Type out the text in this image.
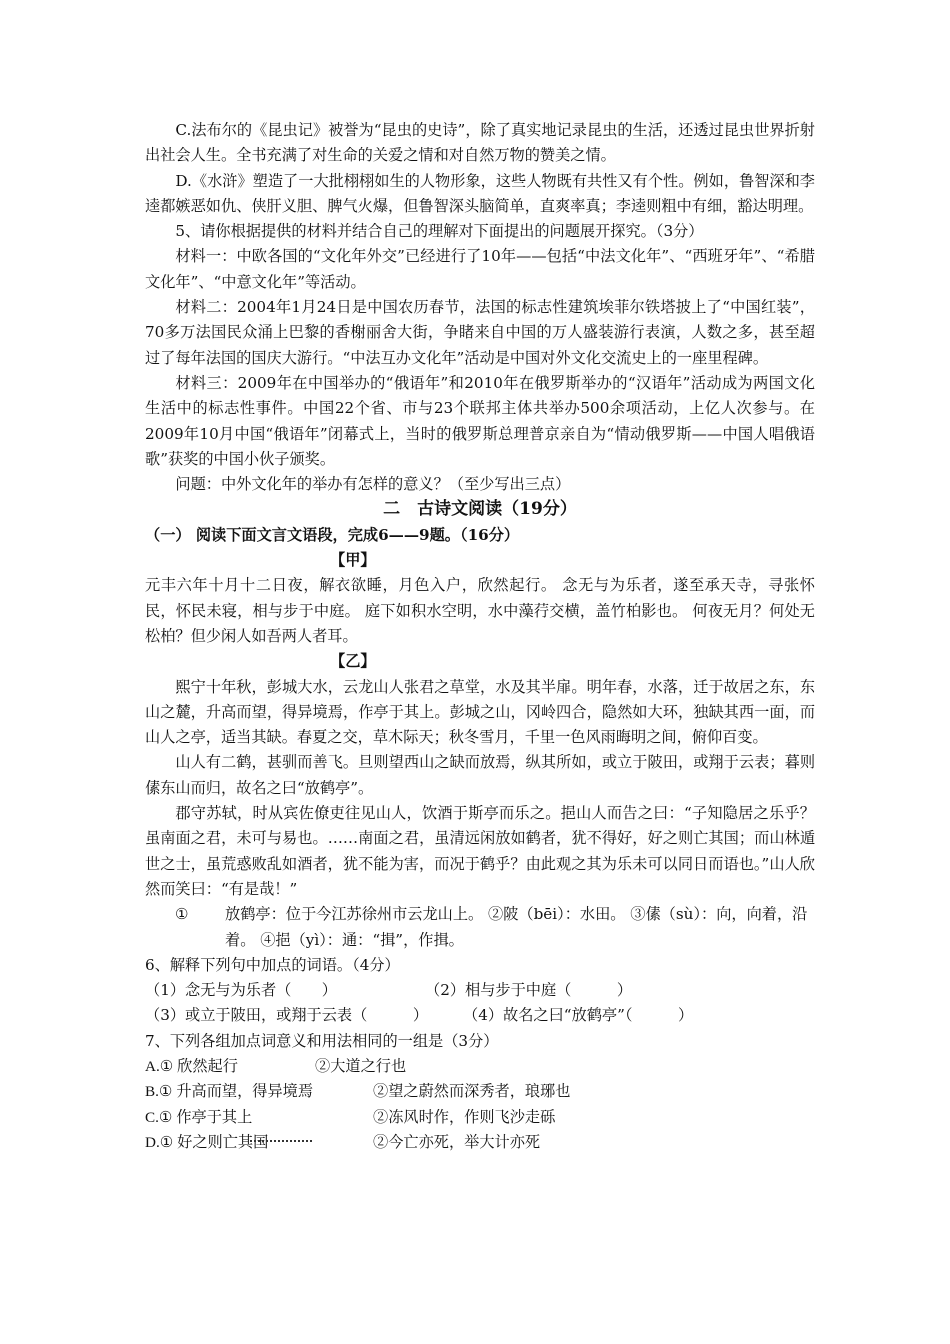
C.法布尔的《昆虫记》被誉为“昆虫的史诗”，除了真实地记录昆虫的生活，还透过昆虫世界折射出社会人生。全书充满了对生命的关爱之情和对自然万物的赞美之情。

D.《水浒》塑造了一大批栩栩如生的人物形象，这些人物既有共性又有个性。例如，鲁智深和李逵都嫉恶如仇、侠肝义胆、脾气火爆，但鲁智深头脑简单，直爽率真；李逵则粗中有细，豁达明理。

5、请你根据提供的材料并结合自己的理解对下面提出的问题展开探究。（3分）

材料一：中欧各国的“文化年外交”已经进行了10年——包括“中法文化年”、“西班牙年”、“希腊文化年”、“中意文化年”等活动。

材料二：2004年1月24日是中国农历春节，法国的标志性建筑埃菲尔铁塔披上了“中国红装”，70多万法国民众涌上巴黎的香榭丽舍大街，争睹来自中国的万人盛装游行表演，人数之多，甚至超过了每年法国的国庆大游行。“中法互办文化年”活动是中国对外文化交流史上的一座里程碑。

材料三：2009年在中国举办的“俄语年”和2010年在俄罗斯举办的“汉语年”活动成为两国文化生活中的标志性事件。中国22个省、市与23个联邦主体共举办500余项活动，上亿人次参与。在2009年10月中国“俄语年”闭幕式上，当时的俄罗斯总理普京亲自为“情动俄罗斯——中国人唱俄语歌”获奖的中国小伙子颁奖。

问题：中外文化年的举办有怎样的意义？（至少写出三点）

二　古诗文阅读（19分）

（一） 阅读下面文言文语段，完成6——9题。（16分）

【甲】

元丰六年十月十二日夜，解衣欲睡，月色入户，欣然起行。 念无与为乐者，遂至承天寺，寻张怀民，怀民未寝，相与步于中庭。 庭下如积水空明，水中藻荇交横，盖竹柏影也。 何夜无月？何处无松柏？但少闲人如吾两人者耳。

【乙】

熙宁十年秋，彭城大水，云龙山人张君之草堂，水及其半扉。明年春，水落，迁于故居之东，东山之麓，升高而望，得异境焉，作亭于其上。彭城之山，冈岭四合，隐然如大环，独缺其西一面，而山人之亭，适当其缺。春夏之交，草木际天；秋冬雪月，千里一色风雨晦明之间，俯仰百变。

山人有二鹤，甚驯而善飞。旦则望西山之缺而放焉，纵其所如，或立于陂田，或翔于云表；暮则傃东山而归，故名之曰“放鹤亭”。

郡守苏轼，时从宾佐僚吏往见山人，饮酒于斯亭而乐之。挹山人而告之曰：“子知隐居之乐乎？虽南面之君，未可与易也。……南面之君，虽清远闲放如鹤者，犹不得好，好之则亡其国；而山林遁世之士，虽荒惑败乱如酒者，犹不能为害，而况于鹤乎？由此观之其为乐未可以同日而语也。”山人欣然而笑曰：“有是哉！”

①	放鹤亭：位于今江苏徐州市云龙山上。 ②陂（bēi）：水田。 ③傃（sù）：向，向着，沿着。 ④挹（yì）：通：“揖”，作揖。

6、解释下列句中加点的词语。（4分）

（1）念无与为乐者（　　）	（2）相与步于中庭（　　　）
（3）或立于陂田，或翔于云表（　　　）	（4）故名之曰“放鹤亭”（　　　）

7、下列各组加点词意义和用法相同的一组是（3分）

A.① 欣然起行	②大道之行也
B.① 升高而望，得异境焉	②望之蔚然而深秀者，琅琊也
C.① 作亭于其上	②冻风时作，作则飞沙走砾
D.① 好之则亡其国	②今亡亦死，举大计亦死
